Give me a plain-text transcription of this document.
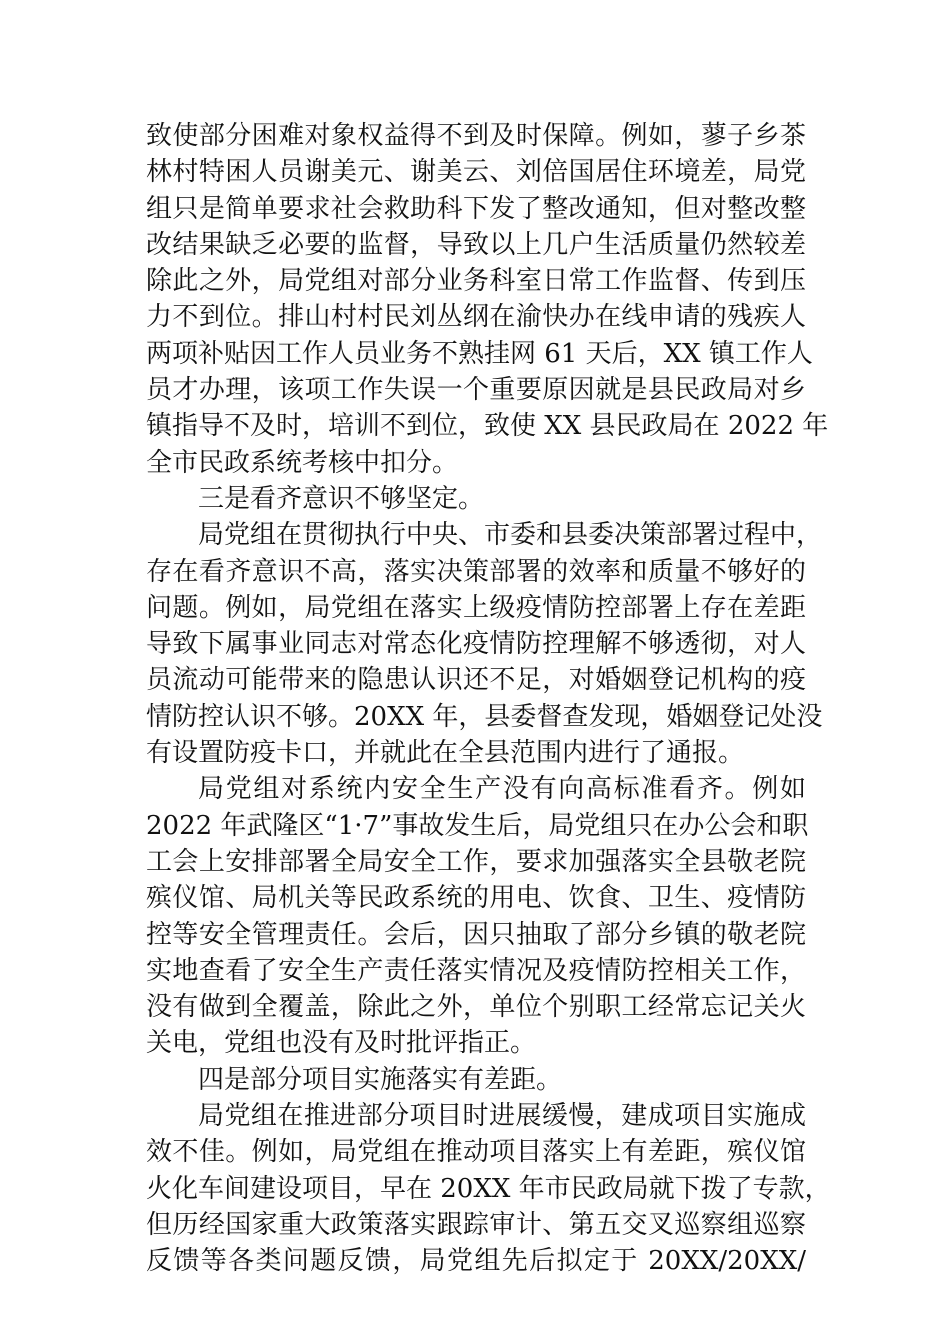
致使部分困难对象权益得不到及时保障。例如，蓼子乡茶
林村特困人员谢美元、谢美云、刘倍国居住环境差，局党
组只是简单要求社会救助科下发了整改通知，但对整改整
改结果缺乏必要的监督，导致以上几户生活质量仍然较差
除此之外，局党组对部分业务科室日常工作监督、传到压
力不到位。排山村村民刘丛纲在渝快办在线申请的残疾人
两项补贴因工作人员业务不熟挂网 61 天后，XX 镇工作人
员才办理，该项工作失误一个重要原因就是县民政局对乡
镇指导不及时，培训不到位，致使 XX 县民政局在 2022 年
全市民政系统考核中扣分。
三是看齐意识不够坚定。
局党组在贯彻执行中央、市委和县委决策部署过程中，
存在看齐意识不高，落实决策部署的效率和质量不够好的
问题。例如，局党组在落实上级疫情防控部署上存在差距
导致下属事业同志对常态化疫情防控理解不够透彻，对人
员流动可能带来的隐患认识还不足，对婚姻登记机构的疫
情防控认识不够。20XX 年，县委督查发现，婚姻登记处没
有设置防疫卡口，并就此在全县范围内进行了通报。
局党组对系统内安全生产没有向高标准看齐。例如
2022 年武隆区“1·7”事故发生后，局党组只在办公会和职
工会上安排部署全局安全工作，要求加强落实全县敬老院
殡仪馆、局机关等民政系统的用电、饮食、卫生、疫情防
控等安全管理责任。会后，因只抽取了部分乡镇的敬老院
实地查看了安全生产责任落实情况及疫情防控相关工作，
没有做到全覆盖，除此之外，单位个别职工经常忘记关火
关电，党组也没有及时批评指正。
四是部分项目实施落实有差距。
局党组在推进部分项目时进展缓慢，建成项目实施成
效不佳。例如，局党组在推动项目落实上有差距，殡仪馆
火化车间建设项目，早在 20XX 年市民政局就下拨了专款，
但历经国家重大政策落实跟踪审计、第五交叉巡察组巡察
反馈等各类问题反馈，局党组先后拟定于 20XX/20XX/
